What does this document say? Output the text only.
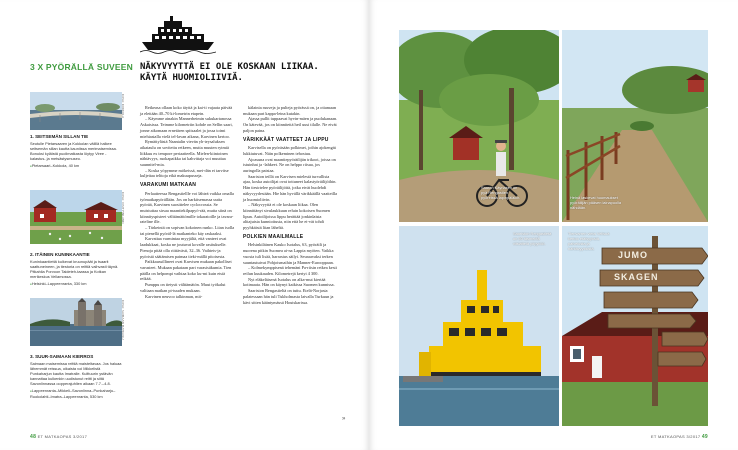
3 X PYÖRÄLLÄ SUVEEN
KUVA: KOKKOLA
1. SEITSEMÄN SILLAN TIE
Seutulle Pietarsaaren ja Kokkolan välillä halkee seitsemän sillan kautta kauniissa merimaisemissa. Bonuksi kyläistä puolimatkasta löytyy Viree - kalastus- ja metsästysmuseo.
● Pietarsaari–Kokkola, 40 km
KUVA: VISIT FINLAND
2. ITÄINEN KUNINKAANTIE
Kuninkaantiettä kulkevat kruunupäät ja tsaarit saattuneineen, ja tiestoria on reittiä vaihvasti täynä. Pitkahlia Porvoon Taideteh-taassa ja Kotkan merikeskus Vellamossa.
● Helsinki–Lappeenranta, 330 km
KUVA: SAIMAAN MATKAILU
3. SUUR-SAIMAAN KIERROS
Saimaan maisemissa reittiä maisteltavaa. Jos haluaa lähemmät reissua, oikaista voi Mikkelistä Punkaharjun kautta Imatralle. Kulttuurin ystävän kannattaa kulkenkin uudistunut reitti ja siitä Savonlinnassa oopperajuhlien aikaan 7.7.–4.8.
● Lappeenranta–Mikkeli–Savonlinna–Punkaharju–Ruokolahti–Imatra–Lappeenranta, 530 km
NÄKYVYYTTÄ EI OLE KOSKAAN LIIKAA. KÄYTÄ HUOMIOLIIVIÄ.

Retkeasa ollaan koko täyttä ja kai-ti vajaata päivää ja elettään 40–70 ki-lometrin etapein.

– Käymme ainakin Mannerheimin sukukartanossa Askaisissa. Teimme kilometriin kohde on Sellin saari, jonne aikomaan ernetären spitsaalet ja jossa toimi miehiastalla vielä tel-lavan aikana, Karvinen kertoo.

Rymättylästä Naantalin vievän yh-teysaluksen aikataulu on sovitettu retkeen, mutta muuten rytmiä liikkuu ex tempore periaatteella. Mielen-kiintoinen nähtävyys, ruokapaikka tai kahvittaja voi muuttaa suunnitel-mia.

– Koska yöpymme mökeissä, mei-dän ei tarvitse kuljettaa telttoja eikä makuupusseja.

VARAKUMI MATKAAN

Perlaatteessa Rengastiellle voi lähteä vaikka omalla työmatkapyörällään. Jos on harkitsemassa uutta pyörää, Karvinen suosittelee cyclocrossia. Se muistuttaa sirsaa maantiekilpapyö-rää, mutta siinä on kiinnityspisteet välttämättömille tokaratoille ja tavara-rateline ille.

– Tärkeintä on sopivan kokoinen runko. Liian isolla tai pienellä pyöräl-lä matkanteko käy raskaaksi.

Karvattaa varmintaa myyjältä, että vanteet ovat laadukkaat, koska ne joutuvat kovalle rasitukselle. Pienoja pitää olla riittävästi, 32–36. Vaihteis-ja pyöristä säätämisen paimaa tieki-mällä pitoisesta.

Paikkaussillineet ovat Karvisen mukaan pakolliset varusteet. Mukaan pakataan part varasisäkumia. Tien päälla on helpompi vaihtaa koko ku-mi kuin etsiä reikää.

Pumppu on tietysti välttämätön. Muut työkalut valitaan matkan pi-tuuden mukaan.

Karvinen neuvoo talkinman, mit-

kälainia ruuveja ja pulteja pyörässä on, ja ottamaan mukaan part kappa-leina kutakin.

Ajassa pullit tuppaavat hyvin-mäen ja puolukanaan. On kätevää, jos on kiinnitettä hetl uusi tilalle. Ne eivät paljon paina.

VÄRIKKÄÄT VAATTEET JA LIPPU

Karvisella on pyöräsään polkimet, joihin ajokengät lukkiutuvat. Näin polkeminen tehostuu.

Ajoasuna ovat maantiepyöräilijän trikoot, joissa on istuinhat ja -lahkeet. Ne on helppo riisua, jos auringolla paistaa.

Saariston teillä on Karvisen mielestä turvallista ajaa, koska autoilijat ovat tottuneet kalastyöräilijöihin. Hän tiesirtelee pyöräilijöitä, jotka eivät huolehdi näkyvyydestään. Hie hän hyvällä värikkäällä vaatteilla ja huomioliivin.

– Näkyvyyttä ei ole koskaan liikaa. Olen kiinnittänyt sivulaukkuun reluin kokoisen Suomen lipun. Autoilijoissa lippu herättää jonkinlaista alitajuista kunnioitusta, niin että he ei-vät tohdi pyyhkäistä liian läheltä.

POLKIEN MAAILMALLE

Helsinkiläinen Kauko Isotalus, 63, pyöräili ja nuorena pitkin Suomea ai-na Lappia myöten. Vaikka vuosia tuli lisää, harrastus säilyi. Seuraavaksi terken suuntautuivat Pohjoismaihin ja Manner-Eurooppaan.

– Kolmekymppisenä tehemäni Pa-riisin retkea kesti reilun kuukauden. Kilometrejä kertyi 4 300.

Nyt eläkeläisenä Isotalus on alka-mut kiertää kotimaata. Hän on käynyt kaikissa Suomen kunnissa.

Saariston Rengastieltä on tuttu. Etelä-Norjasta palatessaan hän tuli Tukholmasta laivalla Turkuun ja kävi sitten kääntymässä Houtskarissa.

»
48 ET MATKAOPAS 3/2017
Saaren Käyriasen on pyä Rengastien pyöreissä lapinpäläkin.	Heinä laskevat huumaukset pyöräilijän pääsen lainapuolla nähdään.
Saariston Rengastietä on 50 täsmektä viisiattelä yöpyköö.
Tienvarren vieta Velisuä kertoo etäisyyksiä, palvelusta ja nähtävyyksistä.
JUMO
SKAGEN
ET MATKAOPAS 3/2017 49
